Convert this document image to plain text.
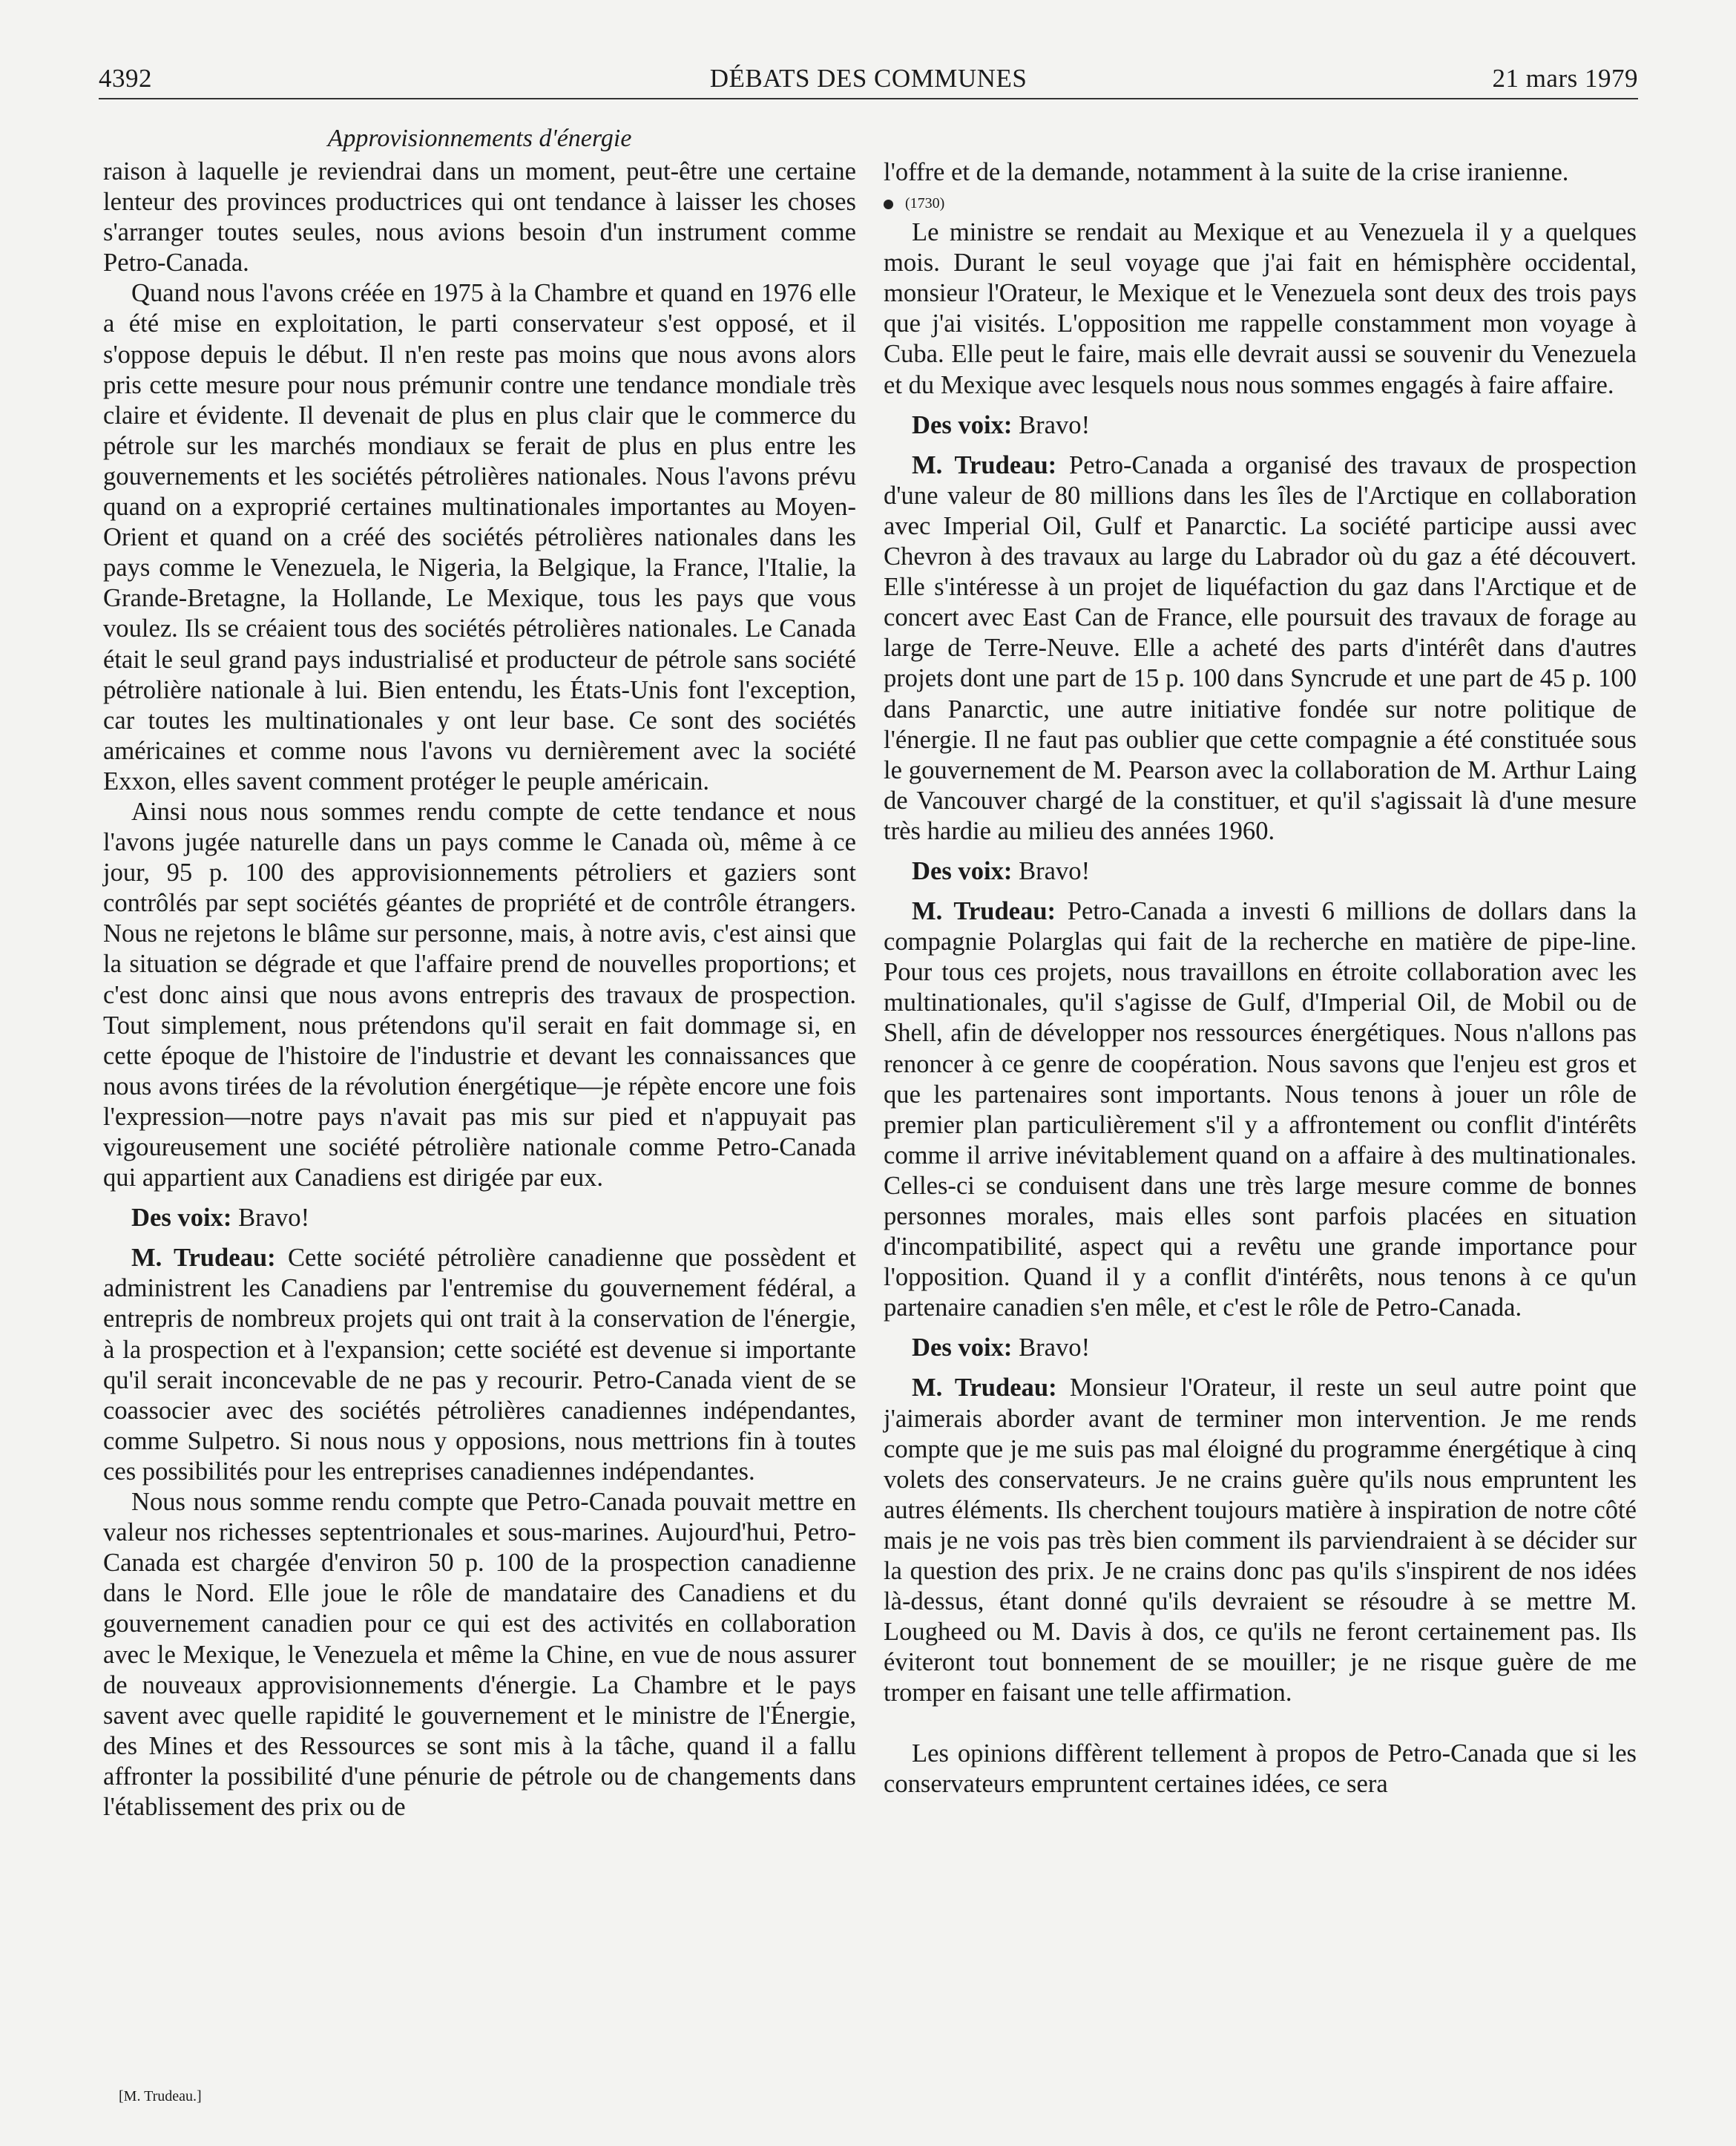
4392	DÉBATS DES COMMUNES	21 mars 1979
Approvisionnements d'énergie

raison à laquelle je reviendrai dans un moment, peut-être une certaine lenteur des provinces productrices qui ont tendance à laisser les choses s'arranger toutes seules, nous avions besoin d'un instrument comme Petro-Canada.

Quand nous l'avons créée en 1975 à la Chambre et quand en 1976 elle a été mise en exploitation, le parti conservateur s'est opposé, et il s'oppose depuis le début. Il n'en reste pas moins que nous avons alors pris cette mesure pour nous prémunir contre une tendance mondiale très claire et évidente. Il devenait de plus en plus clair que le commerce du pétrole sur les marchés mondiaux se ferait de plus en plus entre les gouvernements et les sociétés pétrolières nationales. Nous l'avons prévu quand on a exproprié certaines multinationales importantes au Moyen-Orient et quand on a créé des sociétés pétrolières nationales dans les pays comme le Venezuela, le Nigeria, la Belgique, la France, l'Italie, la Grande-Bretagne, la Hollande, Le Mexique, tous les pays que vous voulez. Ils se créaient tous des sociétés pétrolières nationales. Le Canada était le seul grand pays industrialisé et producteur de pétrole sans société pétrolière nationale à lui. Bien entendu, les États-Unis font l'exception, car toutes les multinationales y ont leur base. Ce sont des sociétés américaines et comme nous l'avons vu dernièrement avec la société Exxon, elles savent comment protéger le peuple américain.

Ainsi nous nous sommes rendu compte de cette tendance et nous l'avons jugée naturelle dans un pays comme le Canada où, même à ce jour, 95 p. 100 des approvisionnements pétroliers et gaziers sont contrôlés par sept sociétés géantes de propriété et de contrôle étrangers. Nous ne rejetons le blâme sur personne, mais, à notre avis, c'est ainsi que la situation se dégrade et que l'affaire prend de nouvelles proportions; et c'est donc ainsi que nous avons entrepris des travaux de prospection. Tout simplement, nous prétendons qu'il serait en fait dommage si, en cette époque de l'histoire de l'industrie et devant les connaissances que nous avons tirées de la révolution énergétique—je répète encore une fois l'expression—notre pays n'avait pas mis sur pied et n'appuyait pas vigoureusement une société pétrolière nationale comme Petro-Canada qui appartient aux Canadiens est dirigée par eux.

Des voix: Bravo!

M. Trudeau: Cette société pétrolière canadienne que possèdent et administrent les Canadiens par l'entremise du gouvernement fédéral, a entrepris de nombreux projets qui ont trait à la conservation de l'énergie, à la prospection et à l'expansion; cette société est devenue si importante qu'il serait inconcevable de ne pas y recourir. Petro-Canada vient de se coassocier avec des sociétés pétrolières canadiennes indépendantes, comme Sulpetro. Si nous nous y opposions, nous mettrions fin à toutes ces possibilités pour les entreprises canadiennes indépendantes.

Nous nous somme rendu compte que Petro-Canada pouvait mettre en valeur nos richesses septentrionales et sous-marines. Aujourd'hui, Petro-Canada est chargée d'environ 50 p. 100 de la prospection canadienne dans le Nord. Elle joue le rôle de mandataire des Canadiens et du gouvernement canadien pour ce qui est des activités en collaboration avec le Mexique, le Venezuela et même la Chine, en vue de nous assurer de nouveaux approvisionnements d'énergie. La Chambre et le pays savent avec quelle rapidité le gouvernement et le ministre de l'Énergie, des Mines et des Ressources se sont mis à la tâche, quand il a fallu affronter la possibilité d'une pénurie de pétrole ou de changements dans l'établissement des prix ou de

l'offre et de la demande, notamment à la suite de la crise iranienne.

(1730)

Le ministre se rendait au Mexique et au Venezuela il y a quelques mois. Durant le seul voyage que j'ai fait en hémisphère occidental, monsieur l'Orateur, le Mexique et le Venezuela sont deux des trois pays que j'ai visités. L'opposition me rappelle constamment mon voyage à Cuba. Elle peut le faire, mais elle devrait aussi se souvenir du Venezuela et du Mexique avec lesquels nous nous sommes engagés à faire affaire.

Des voix: Bravo!

M. Trudeau: Petro-Canada a organisé des travaux de prospection d'une valeur de 80 millions dans les îles de l'Arctique en collaboration avec Imperial Oil, Gulf et Panarctic. La société participe aussi avec Chevron à des travaux au large du Labrador où du gaz a été découvert. Elle s'intéresse à un projet de liquéfaction du gaz dans l'Arctique et de concert avec East Can de France, elle poursuit des travaux de forage au large de Terre-Neuve. Elle a acheté des parts d'intérêt dans d'autres projets dont une part de 15 p. 100 dans Syncrude et une part de 45 p. 100 dans Panarctic, une autre initiative fondée sur notre politique de l'énergie. Il ne faut pas oublier que cette compagnie a été constituée sous le gouvernement de M. Pearson avec la collaboration de M. Arthur Laing de Vancouver chargé de la constituer, et qu'il s'agissait là d'une mesure très hardie au milieu des années 1960.

Des voix: Bravo!

M. Trudeau: Petro-Canada a investi 6 millions de dollars dans la compagnie Polarglas qui fait de la recherche en matière de pipe-line. Pour tous ces projets, nous travaillons en étroite collaboration avec les multinationales, qu'il s'agisse de Gulf, d'Imperial Oil, de Mobil ou de Shell, afin de développer nos ressources énergétiques. Nous n'allons pas renoncer à ce genre de coopération. Nous savons que l'enjeu est gros et que les partenaires sont importants. Nous tenons à jouer un rôle de premier plan particulièrement s'il y a affrontement ou conflit d'intérêts comme il arrive inévitablement quand on a affaire à des multinationales. Celles-ci se conduisent dans une très large mesure comme de bonnes personnes morales, mais elles sont parfois placées en situation d'incompatibilité, aspect qui a revêtu une grande importance pour l'opposition. Quand il y a conflit d'intérêts, nous tenons à ce qu'un partenaire canadien s'en mêle, et c'est le rôle de Petro-Canada.

Des voix: Bravo!

M. Trudeau: Monsieur l'Orateur, il reste un seul autre point que j'aimerais aborder avant de terminer mon intervention. Je me rends compte que je me suis pas mal éloigné du programme énergétique à cinq volets des conservateurs. Je ne crains guère qu'ils nous empruntent les autres éléments. Ils cherchent toujours matière à inspiration de notre côté mais je ne vois pas très bien comment ils parviendraient à se décider sur la question des prix. Je ne crains donc pas qu'ils s'inspirent de nos idées là-dessus, étant donné qu'ils devraient se résoudre à se mettre M. Lougheed ou M. Davis à dos, ce qu'ils ne feront certainement pas. Ils éviteront tout bonnement de se mouiller; je ne risque guère de me tromper en faisant une telle affirmation.

Les opinions diffèrent tellement à propos de Petro-Canada que si les conservateurs empruntent certaines idées, ce sera

[M. Trudeau.]
